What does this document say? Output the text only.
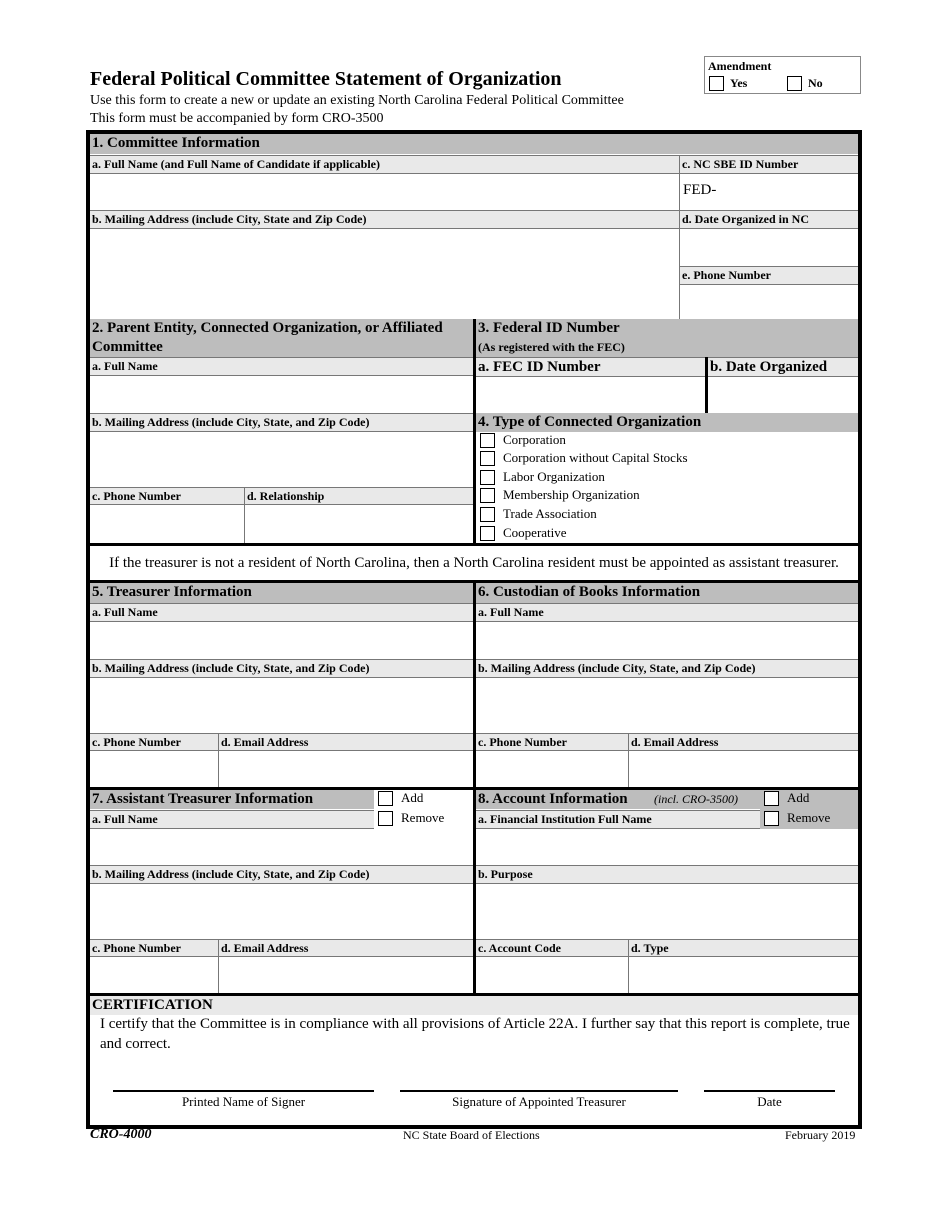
Federal Political Committee Statement of Organization
Use this form to create a new or update an existing North Carolina Federal Political Committee
This form must be accompanied by form CRO-3500
Amendment
Yes	No
1. Committee Information
a. Full Name (and Full Name of Candidate if applicable)	c. NC SBE ID Number
FED-
b. Mailing Address (include City, State and Zip Code)	d. Date Organized in NC
e. Phone Number
2. Parent Entity, Connected Organization, or Affiliated
Committee
a. Full Name
b. Mailing Address (include City, State, and Zip Code)
c. Phone Number	d. Relationship
3. Federal ID Number
(As registered with the FEC)
a. FEC ID Number	b. Date Organized
4. Type of Connected Organization
Corporation
Corporation without Capital Stocks
Labor Organization
Membership Organization
Trade Association
Cooperative
If the treasurer is not a resident of North Carolina, then a North Carolina resident must be appointed as assistant treasurer.
5. Treasurer Information
a. Full Name
b. Mailing Address (include City, State, and Zip Code)
c. Phone Number	d. Email Address
6. Custodian of Books Information
a. Full Name
b. Mailing Address (include City, State, and Zip Code)
c. Phone Number	d. Email Address
7. Assistant Treasurer Information	Add
Remove
a. Full Name
b. Mailing Address (include City, State, and Zip Code)
c. Phone Number	d. Email Address
8. Account Information (incl. CRO-3500)	Add
Remove
a. Financial Institution Full Name
b. Purpose
c. Account Code	d. Type
CERTIFICATION
I certify that the Committee is in compliance with all provisions of Article 22A. I further say that this report is complete, true and correct.
Printed Name of Signer	Signature of Appointed Treasurer	Date
CRO-4000	NC State Board of Elections	February 2019
